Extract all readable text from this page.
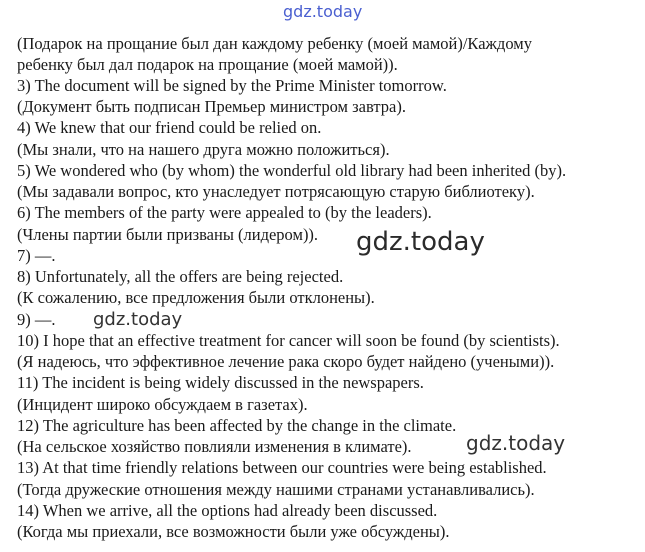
gdz.today
(Подарок на прощание был дан каждому ребенку (моей мамой)/Каждому
ребенку был дал подарок на прощание (моей мамой)).
3) The document will be signed by the Prime Minister tomorrow.
(Документ быть подписан Премьер министром завтра).
4) We knew that our friend could be relied on.
(Мы знали, что на нашего друга можно положиться).
5) We wondered who (by whom) the wonderful old library had been inherited (by).
(Мы задавали вопрос, кто унаследует потрясающую старую библиотеку).
6) The members of the party were appealed to (by the leaders).
(Члены партии были призваны (лидером)).
7) —.
8) Unfortunately, all the offers are being rejected.
(К сожалению, все предложения были отклонены).
9) —.
10) I hope that an effective treatment for cancer will soon be found (by scientists).
(Я надеюсь, что эффективное лечение рака скоро будет найдено (учеными)).
11) The incident is being widely discussed in the newspapers.
(Инцидент широко обсуждаем в газетах).
12) The agriculture has been affected by the change in the climate.
(На сельское хозяйство повлияли изменения в климате).
13) At that time friendly relations between our countries were being established.
(Тогда дружеские отношения между нашими странами устанавливались).
14) When we arrive, all the options had already been discussed.
(Когда мы приехали, все возможности были уже обсуждены).
gdz.today
gdz.today
gdz.today
